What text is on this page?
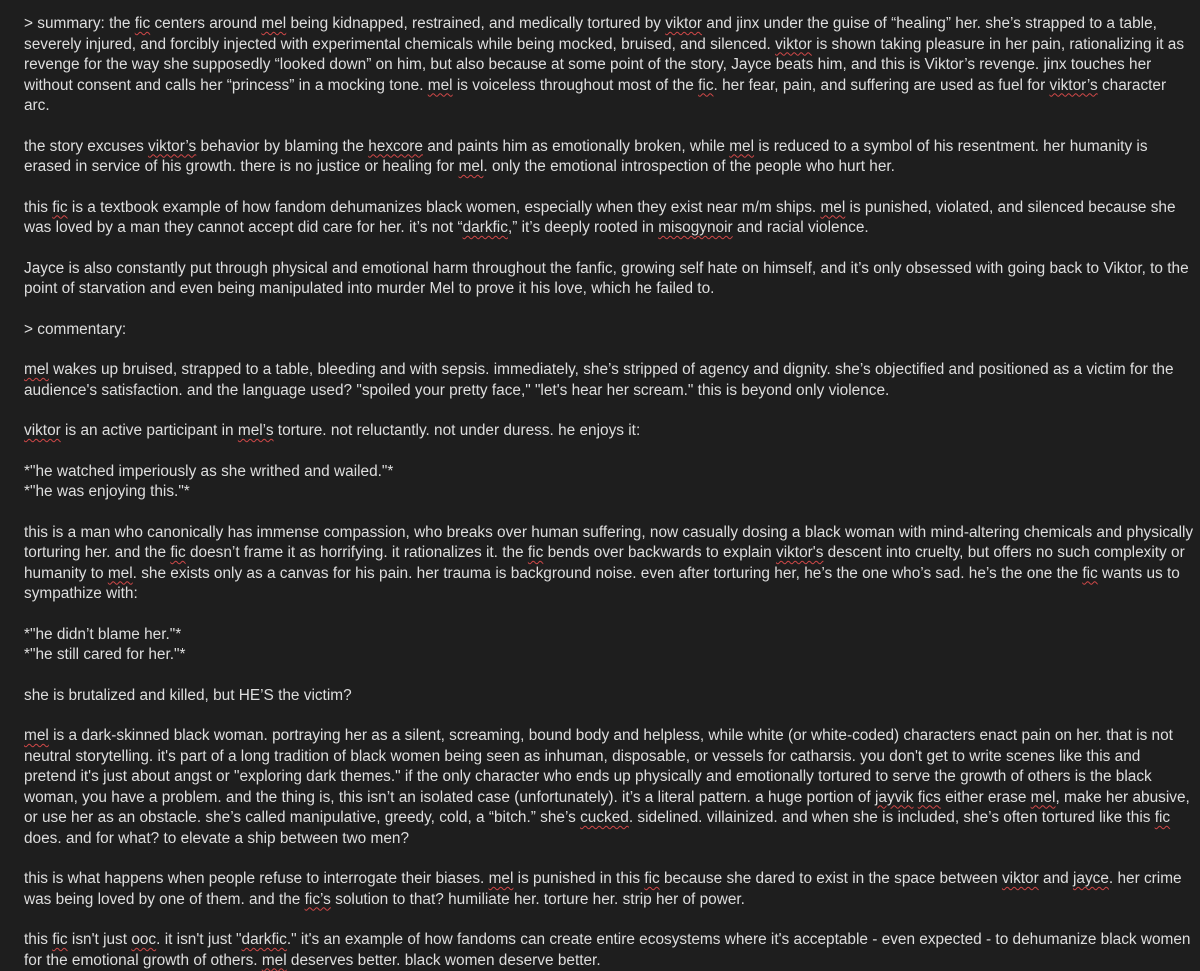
> summary: the fic centers around mel being kidnapped, restrained, and medically tortured by viktor and jinx under the guise of “healing” her. she’s strapped to a table, severely injured, and forcibly injected with experimental chemicals while being mocked, bruised, and silenced. viktor is shown taking pleasure in her pain, rationalizing it as revenge for the way she supposedly “looked down” on him, but also because at some point of the story, Jayce beats him, and this is Viktor’s revenge. jinx touches her without consent and calls her “princess” in a mocking tone. mel is voiceless throughout most of the fic. her fear, pain, and suffering are used as fuel for viktor’s character arc.

the story excuses viktor’s behavior by blaming the hexcore and paints him as emotionally broken, while mel is reduced to a symbol of his resentment. her humanity is erased in service of his growth. there is no justice or healing for mel. only the emotional introspection of the people who hurt her.

this fic is a textbook example of how fandom dehumanizes black women, especially when they exist near m/m ships. mel is punished, violated, and silenced because she was loved by a man they cannot accept did care for her. it’s not “darkfic,” it’s deeply rooted in misogynoir and racial violence.

Jayce is also constantly put through physical and emotional harm throughout the fanfic, growing self hate on himself, and it’s only obsessed with going back to Viktor, to the point of starvation and even being manipulated into murder Mel to prove it his love, which he failed to.

> commentary:

mel wakes up bruised, strapped to a table, bleeding and with sepsis. immediately, she’s stripped of agency and dignity. she’s objectified and positioned as a victim for the audience's satisfaction. and the language used? "spoiled your pretty face," "let's hear her scream." this is beyond only violence.

viktor is an active participant in mel’s torture. not reluctantly. not under duress. he enjoys it:

*"he watched imperiously as she writhed and wailed."*

*"he was enjoying this."*

this is a man who canonically has immense compassion, who breaks over human suffering, now casually dosing a black woman with mind-altering chemicals and physically torturing her. and the fic doesn’t frame it as horrifying. it rationalizes it. the fic bends over backwards to explain viktor's descent into cruelty, but offers no such complexity or humanity to mel. she exists only as a canvas for his pain. her trauma is background noise. even after torturing her, he’s the one who’s sad. he’s the one the fic wants us to sympathize with:

*"he didn’t blame her."*

*"he still cared for her."*

she is brutalized and killed, but HE’S the victim?

mel is a dark-skinned black woman. portraying her as a silent, screaming, bound body and helpless, while white (or white-coded) characters enact pain on her. that is not neutral storytelling. it's part of a long tradition of black women being seen as inhuman, disposable, or vessels for catharsis. you don't get to write scenes like this and pretend it's just about angst or "exploring dark themes." if the only character who ends up physically and emotionally tortured to serve the growth of others is the black woman, you have a problem. and the thing is, this isn’t an isolated case (unfortunately). it’s a literal pattern. a huge portion of jayvik fics either erase mel, make her abusive, or use her as an obstacle. she’s called manipulative, greedy, cold, a “bitch.” she’s cucked. sidelined. villainized. and when she is included, she’s often tortured like this fic does. and for what? to elevate a ship between two men?

this is what happens when people refuse to interrogate their biases. mel is punished in this fic because she dared to exist in the space between viktor and jayce. her crime was being loved by one of them. and the fic’s solution to that? humiliate her. torture her. strip her of power.

this fic isn't just ooc. it isn't just "darkfic." it's an example of how fandoms can create entire ecosystems where it's acceptable - even expected - to dehumanize black women for the emotional growth of others. mel deserves better. black women deserve better.
